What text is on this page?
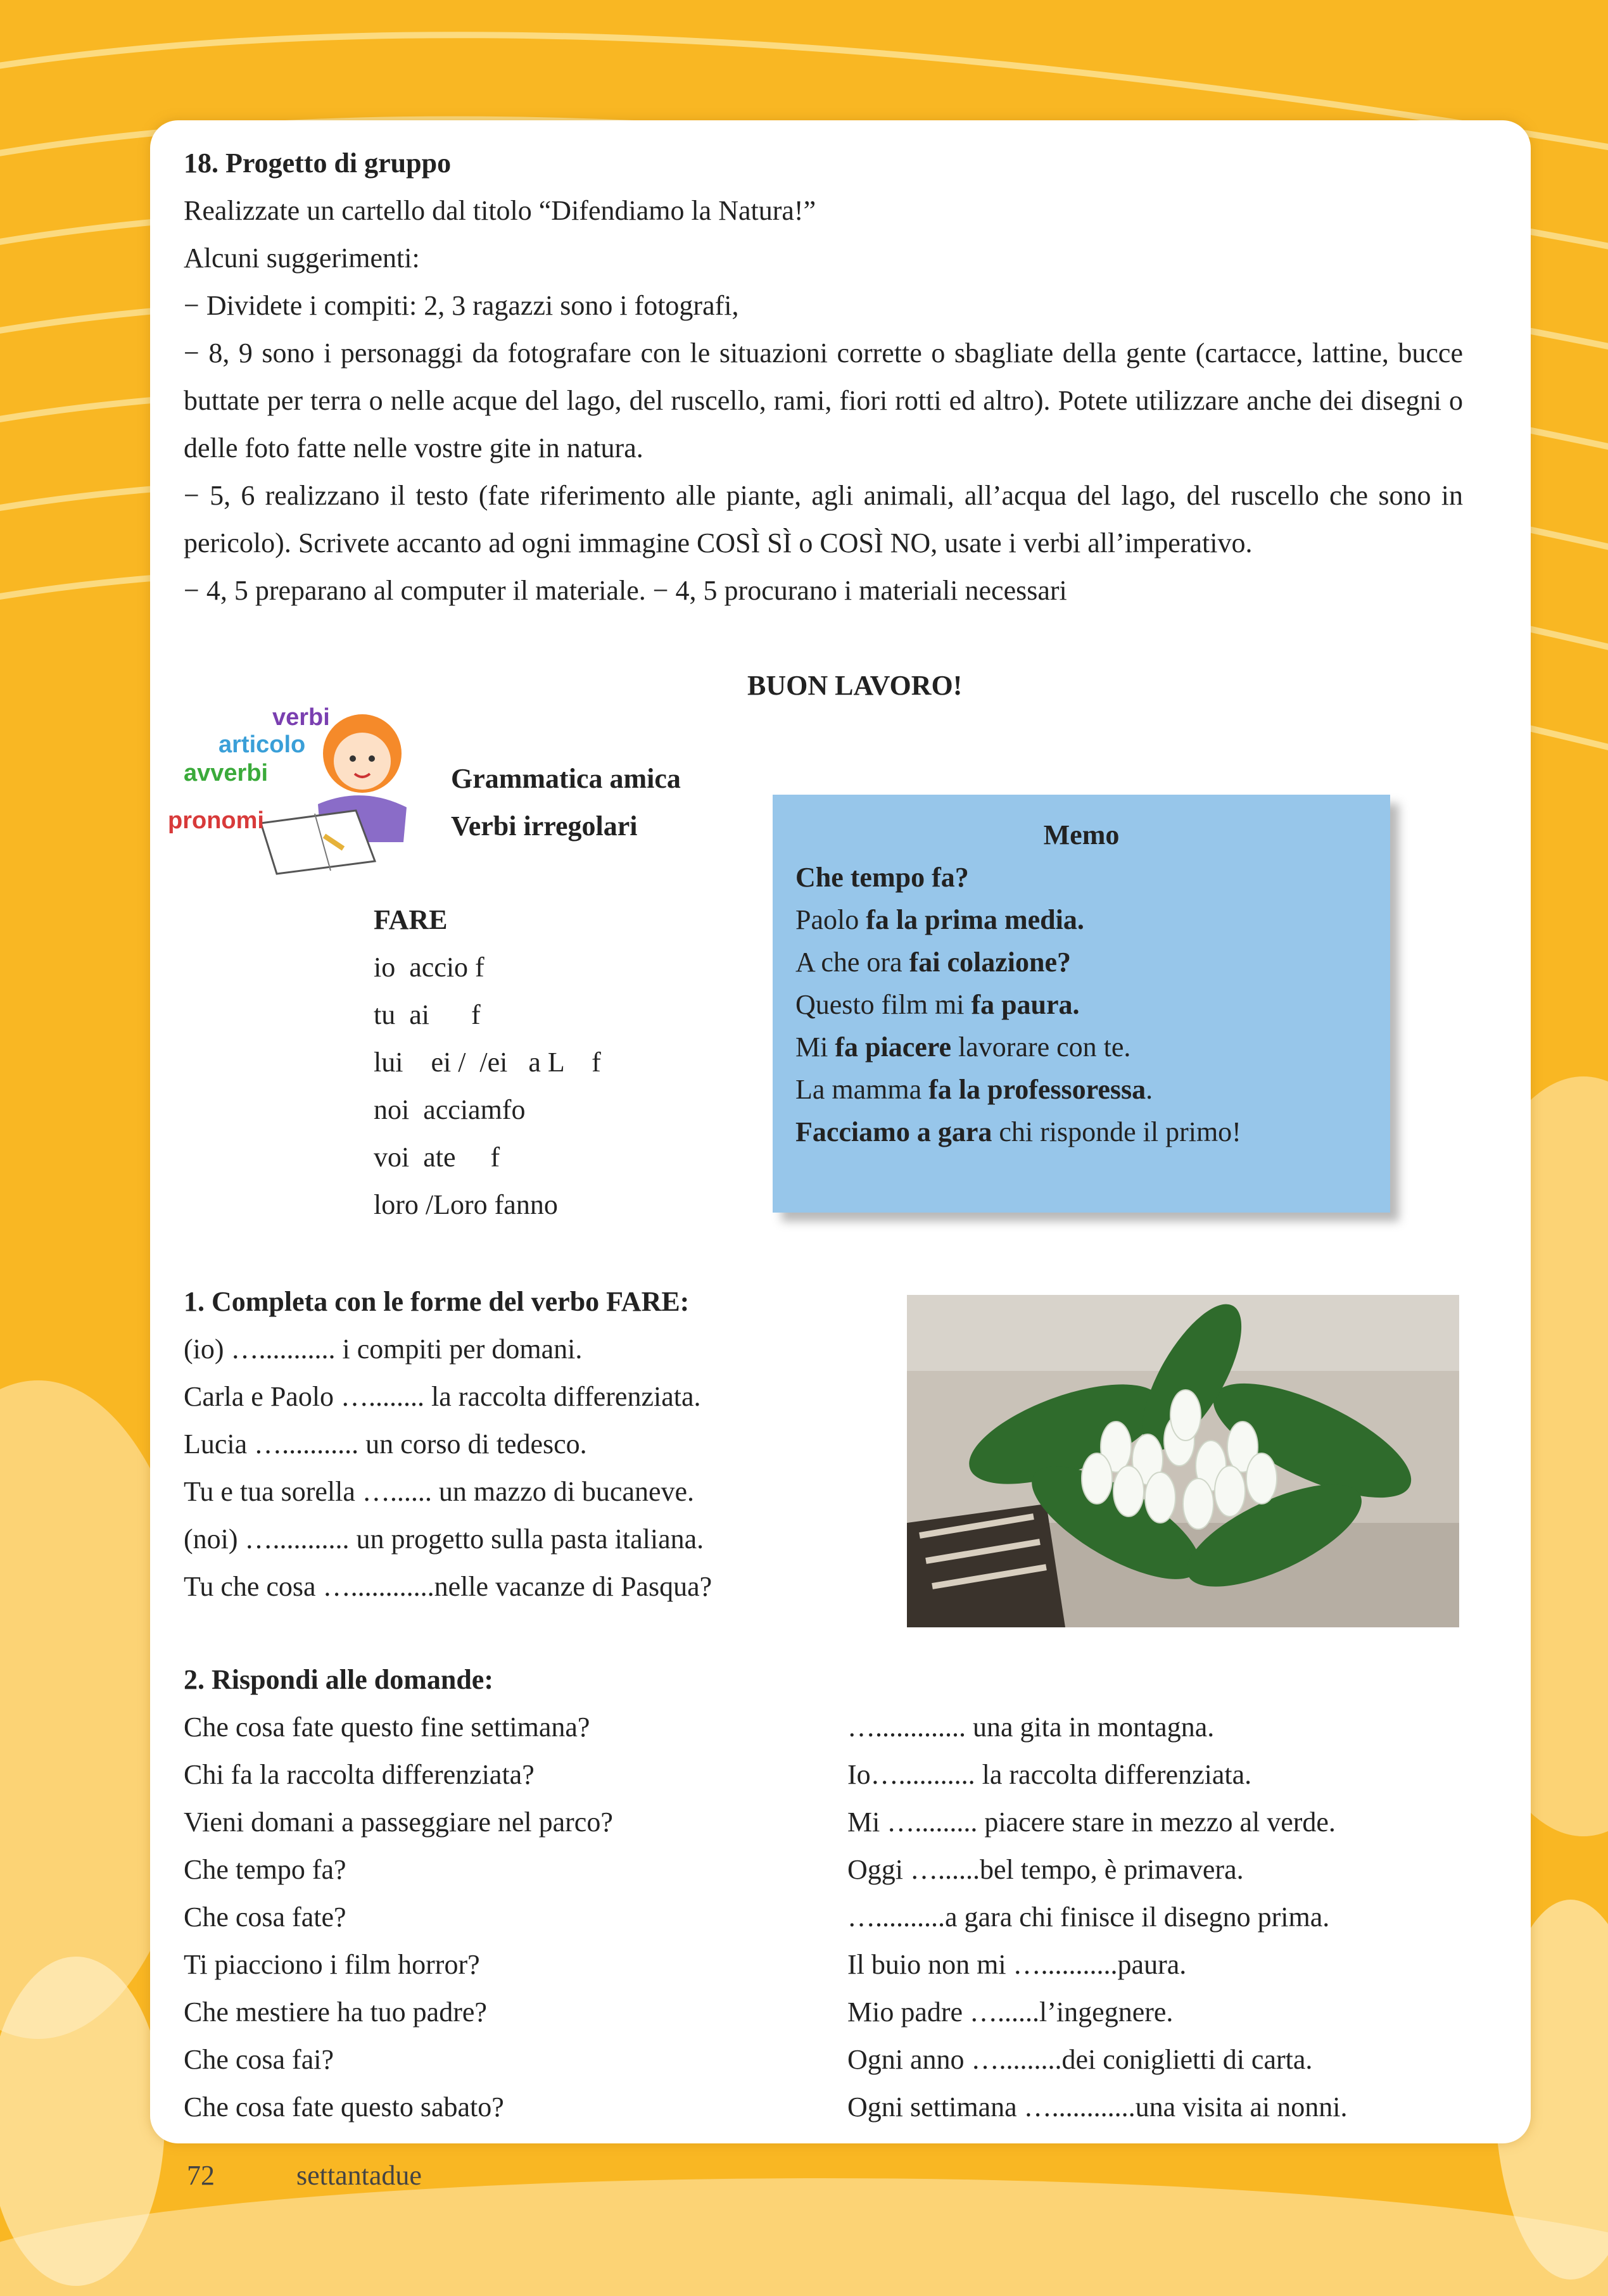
18. Progetto di gruppo

Realizzate un cartello dal titolo “Difendiamo la Natura!”

Alcuni suggerimenti:

− Dividete i compiti: 2, 3 ragazzi sono i fotografi,

− 8, 9 sono i personaggi da fotografare con le situazioni corrette o sbagliate della gente (cartacce, lattine, bucce buttate per terra o nelle acque del lago, del ruscello, rami, fiori rotti ed altro). Potete utilizzare anche dei disegni o delle foto fatte nelle vostre gite in natura.

− 5, 6 realizzano il testo (fate riferimento alle piante, agli animali, all’acqua del lago, del ruscello che sono in pericolo). Scrivete accanto ad ogni immagine COSÌ SÌ o COSÌ NO, usate i verbi all’imperativo.

− 4, 5 preparano al computer il materiale. − 4, 5 procurano i materiali necessari

BUON LAVORO!
verbi
articolo
avverbi
pronomi
Grammatica amica
Verbi irregolari
FARE
io  accio f
tu  ai      f
lui    ei /  /ei   a L    f
noi  acciamfo
voi  ate     f
loro /Loro fanno
Memo
Che tempo fa?
Paolo fa la prima media.
A che ora fai colazione?
Questo film mi fa paura.
Mi fa piacere lavorare con te.
La mamma fa la professoressa.
Facciamo a gara chi risponde il primo!
1. Completa con le forme del verbo FARE:
(io) …........... i compiti per domani.
Carla e Paolo …........ la raccolta differenziata.
Lucia …........... un corso di tedesco.
Tu e tua sorella …...... un mazzo di bucaneve.
(noi) …........... un progetto sulla pasta italiana.
Tu che cosa …............nelle vacanze di Pasqua?
2. Rispondi alle domande:
Che cosa fate questo fine settimana?
Chi fa la raccolta differenziata?
Vieni domani a passeggiare nel parco?
Che tempo fa?
Che cosa fate?
Ti piacciono i film horror?
Che mestiere ha tuo padre?
Che cosa fai?
Che cosa fate questo sabato?
…............. una gita in montagna.
Io…........... la raccolta differenziata.
Mi …......... piacere stare in mezzo al verde.
Oggi …......bel tempo, è primavera.
…..........a gara chi finisce il disegno prima.
Il buio non mi …...........paura.
Mio padre …......l’ingegnere.
Ogni anno ….........dei coniglietti di carta.
Ogni settimana …............una visita ai nonni.
72	settantadue
